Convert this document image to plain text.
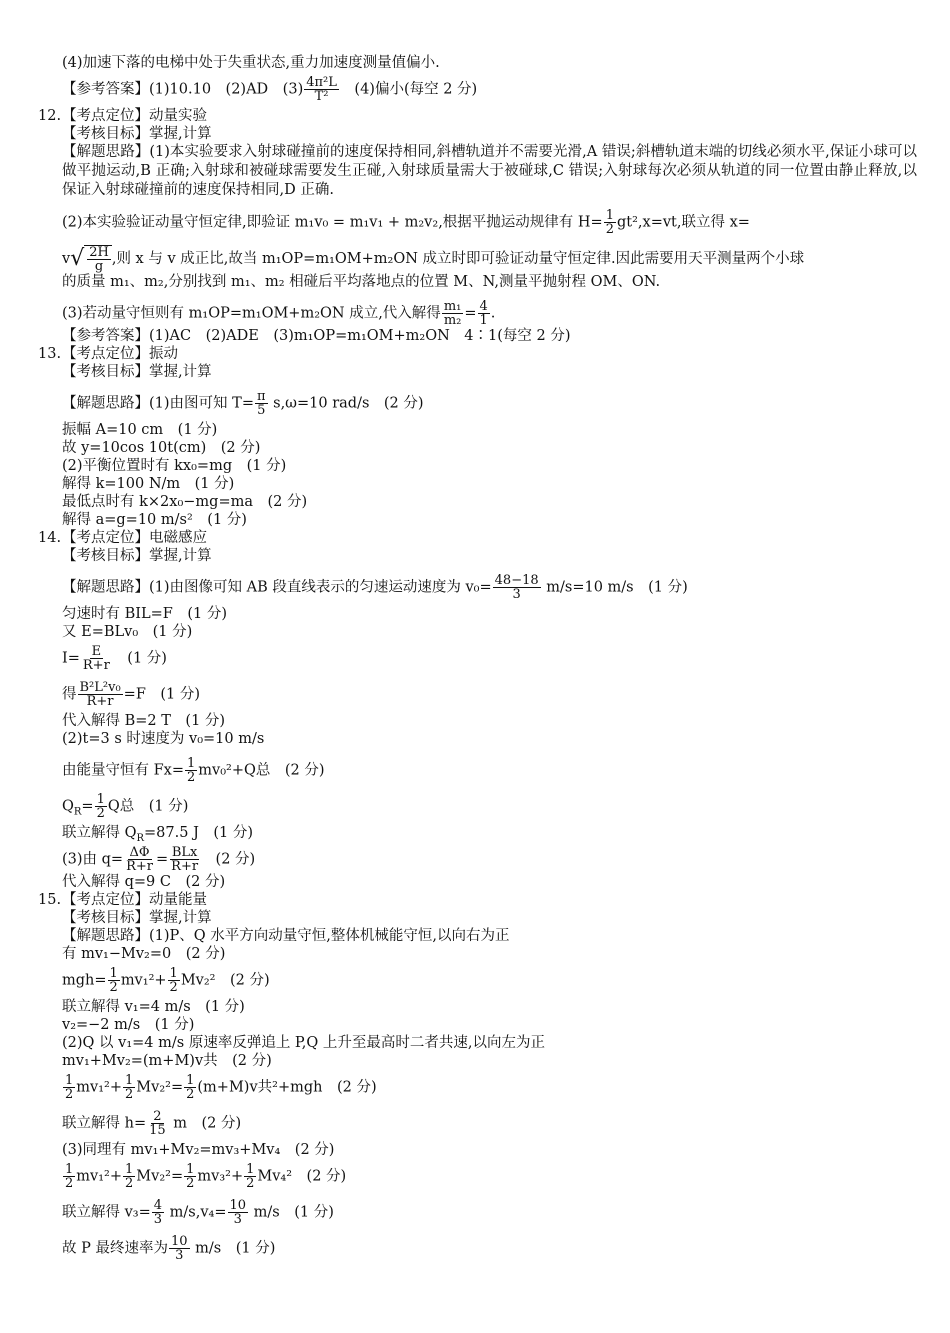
(4)加速下落的电梯中处于失重状态,重力加速度测量值偏小.
【参考答案】(1)10.10　(2)AD　$(3) \frac{\text{4π²L}}{\text{T²}}$ 　(4)偏小(每空 2 分)
12. 【考点定位】动量实验
【考核目标】掌握,计算
【解题思路】(1)本实验要求入射球碰撞前的速度保持相同,斜槽轨道并不需要光滑,A 错误;斜槽轨道末端的切线必须水平,保证小球可以做平抛运动,B 正确;入射球和被碰球需要发生正碰,入射球质量需大于被碰球,C 错误;入射球每次必须从轨道的同一位置由静止释放,以保证入射球碰撞前的速度保持相同,D 正确.
(2)本实验验证动量守恒定律,即验证 m₁v₀ = m₁v₁ + m₂v₂,根据平抛运动规律有 $H= \frac{1}{2} gt^2,x=vt$,联立得 x=
v √ $\frac{2H}{g}$ ,则 x 与 v 成正比,故当 m₁OP=m₁OM+m₂ON 成立时即可验证动量守恒定律.因此需要用天平测量两个小球
的质量 m₁、m₂,分别找到 m₁、m₂ 相碰后平均落地点的位置 M、N,测量平抛射程 OM、ON.
(3)若动量守恒则有 m₁OP=m₁OM+m₂ON 成立,代入解得 $\frac{\text{m₁}}{\text{m₂}} = \frac{4}{1}$ .
【参考答案】(1)AC　(2)ADE　(3)m₁OP=m₁OM+m₂ON　4∶1(每空 2 分)
13. 【考点定位】振动
【考核目标】掌握,计算
【解题思路】(1)由图可知 $T= \frac{\pi}{5} s,\omega=10$ rad/s　(2 分)
振幅 A=10 cm　(1 分)
故 y=10cos 10t(cm)　(2 分)
(2)平衡位置时有 kx₀=mg　(1 分)
解得 k=100 N/m　(1 分)
最低点时有 k×2x₀−mg=ma　(2 分)
解得 a=g=10 m/s²　(1 分)
14. 【考点定位】电磁感应
【考核目标】掌握,计算
【解题思路】(1)由图像可知 AB 段直线表示的匀速运动速度为 $v_0= \frac{48-18}{3} m/s=10$ m/s　(1 分)
匀速时有 BIL=F　(1 分)
又 E=BLv₀　(1 分)
$I= \frac{E}{R+r}$ 　(1 分)
得 $\frac{\text{B²L²v₀}}{R+r} =F$　(1 分)
代入解得 B=2 T　(1 分)
(2)t=3 s 时速度为 v₀=10 m/s
由能量守恒有 $Fx= \frac{1}{2} mv_0^2+Q$总　(2 分)
$Q_R= \frac{1}{2}$ Q总　(1 分)
联立解得 $Q_R=87.5$ J　(1 分)
(3)由 $q= \frac{\Delta\Phi}{R+r} = \frac{\text{BLx}}{R+r}$ 　(2 分)
代入解得 q=9 C　(2 分)
15. 【考点定位】动量能量
【考核目标】掌握,计算
【解题思路】(1)P、Q 水平方向动量守恒,整体机械能守恒,以向右为正
有 mv₁−Mv₂=0　(2 分)
$mgh= \frac{1}{2} mv_1^2+ \frac{1}{2} Mv_2^2$　(2 分)
联立解得 v₁=4 m/s　(1 分)
v₂=−2 m/s　(1 分)
(2)Q 以 v₁=4 m/s 原速率反弹追上 P,Q 上升至最高时二者共速,以向左为正
mv₁+Mv₂=(m+M)v共　(2 分)
$\frac{1}{2} mv_1^2+ \frac{1}{2} Mv_2^2= \frac{1}{2} (m+M)v$共²+mgh　(2 分)
联立解得 $h= \frac{2}{15}$ m　(2 分)
(3)同理有 mv₁+Mv₂=mv₃+Mv₄　(2 分)
$\frac{1}{2} mv_1^2+ \frac{1}{2} Mv_2^2= \frac{1}{2} mv_3^2+ \frac{1}{2} Mv_4^2$　(2 分)
联立解得 $v_3= \frac{4}{3} m/s,v_4= \frac{10}{3} m/s$　(1 分)
故 P 最终速率为 $\frac{10}{3} m/s$　(1 分)
